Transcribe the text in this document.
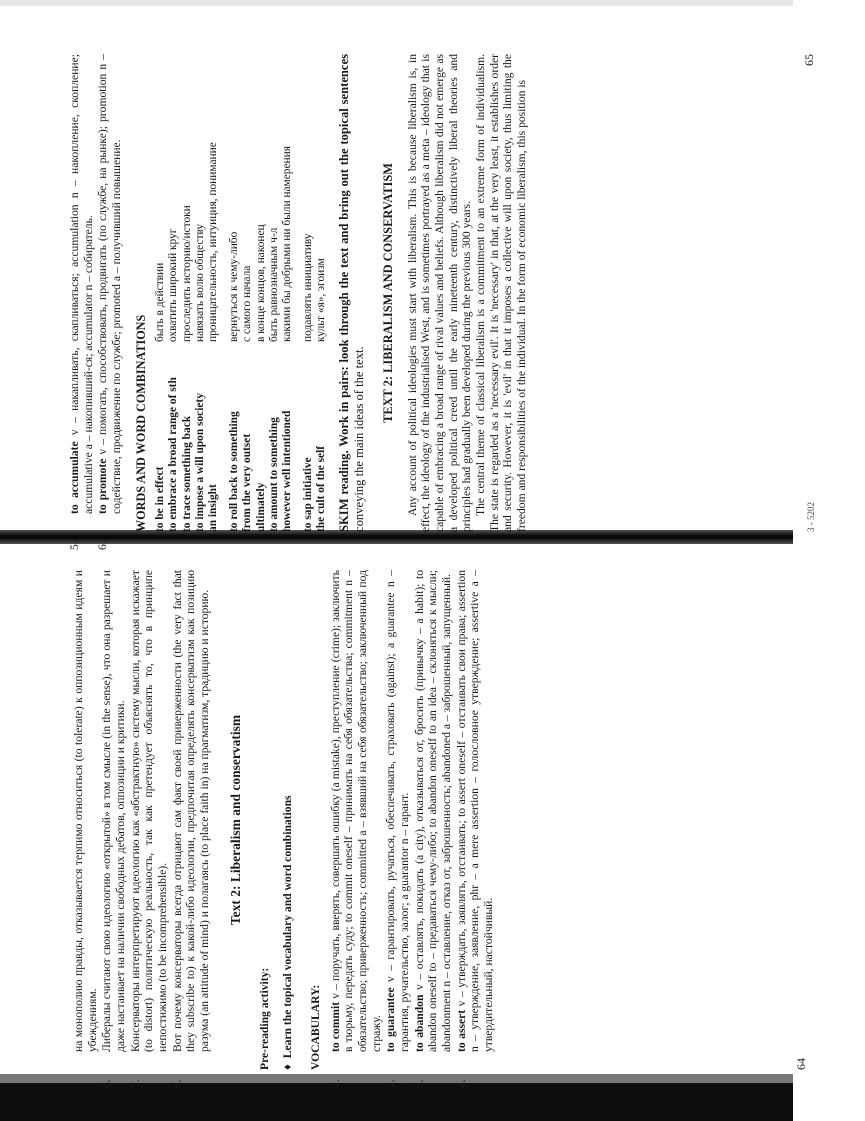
на монополию правды, отказывается терпимо относиться (to tolerate) к оппозиционным идеям и убеждениям.

6.Либералы считают свою идеологию «открытой» в том смысле (in the sense), что она разрешает и даже настаивает на наличии свободных дебатов, оппозиции и критики.

7.Консерваторы интерпретируют идеологию как «абстрактную» систему мысли, которая искажает (to distort) политическую реальность, так как претендует объяснять то, что в принципе непостижимо (to be incomprehensible).

8.Вот почему консерваторы всегда отрицают сам факт своей приверженности (the very fact that they subscribe to) к какой-либо идеологии, предпочитая определять консерватизм как позицию разума (an attitude of mind) и полагаясь (to place faith in) на прагматизм, традицию и историю. Text 2: Liberalism and conservatism
Pre-reading activity: ♦  Learn the topical vocabulary and word combinations VOCABULARY:

1.to commit v – поручать, вверять, совершать ошибку (a mistake), преступление (crime); заключить в тюрьму, передать суду; to commit oneself – принимать на себя обязательства; commitment n – обязательство; приверженность; committed a – взявший на себя обязательство; заключенный под стражу.

2.to guarantee v – гарантировать, ручаться, обеспечивать, страховать (against); a guarantee n – гарантия, ручательство, залог; a guarantor n – гарант.

3.to abandon v – оставлять, покидать (a city), отказываться от, бросить (привычку – a habit); to abandon oneself to – предаваться чему-либо; to abandon oneself to an idea – склоняться к мысли; abandonment n – оставление, отказ от, заброшенность; abandoned a – заброшенный, запущенный.

4.to assert v – утверждать, заявлять, отстаивать; to assert oneself – отстаивать свои права; assertion n – утверждение, заявление, phr – a mere assertion – голословное утверждение; assertive a – утвердительный, настойчивый.

64

5.to accumulate v – накапливать, скапливаться; accumulation n – накопление, скопление; accumulative a – накопивший-ся; accumulator n – собиратель.

6.to promote v – помогать, способствовать, продвигать (по службе, на рынке); promotion n – содействие, продвижение по службе; promoted a – получивший повышение. WORDS AND WORD COMBINATIONS to be in effect	быть в действии
to embrace a broad range of sth	охватить широкий круг
to trace something back	проследить историю/истоки
to impose a will upon society	навязать волю обществу
an insight	проницательность, интуиция, понимание

to roll back to something	вернуться к чему-либо
from the very outset	с самого начала
ultimately	в конце концов, наконец
to amount to something	быть равнозначным ч-л
however well intentioned	какими бы добрыми ни были намерения

to sap initiative	подавлять инициативу
the cult of the self	культ «я», эгоизм SKIM reading. Work in pairs: look through the text and bring out the topical sentences conveying the main ideas of the text.

TEXT 2: LIBERALISM AND CONSERVATISM Any account of political ideologies must start with liberalism. This is because liberalism is, in effect, the ideology of the industrialised West, and is sometimes portrayed as a meta – ideology that is capable of embracing a broad range of rival values and beliefs. Although liberalism did not emerge as a developed political creed until the early nineteenth century, distinctively liberal theories and principles had gradually been developed during the previous 300 years. The central theme of classical liberalism is a commitment to an extreme form of individualism. The state is regarded as a 'necessary evil'. It is 'necessary' in that, at the very least, it establishes order and security. However, it is 'evil' in that it imposes a collective will upon society, thus limiting the freedom and responsibilities of the individual. In the form of economic liberalism, this position is	3 - 5202
65
